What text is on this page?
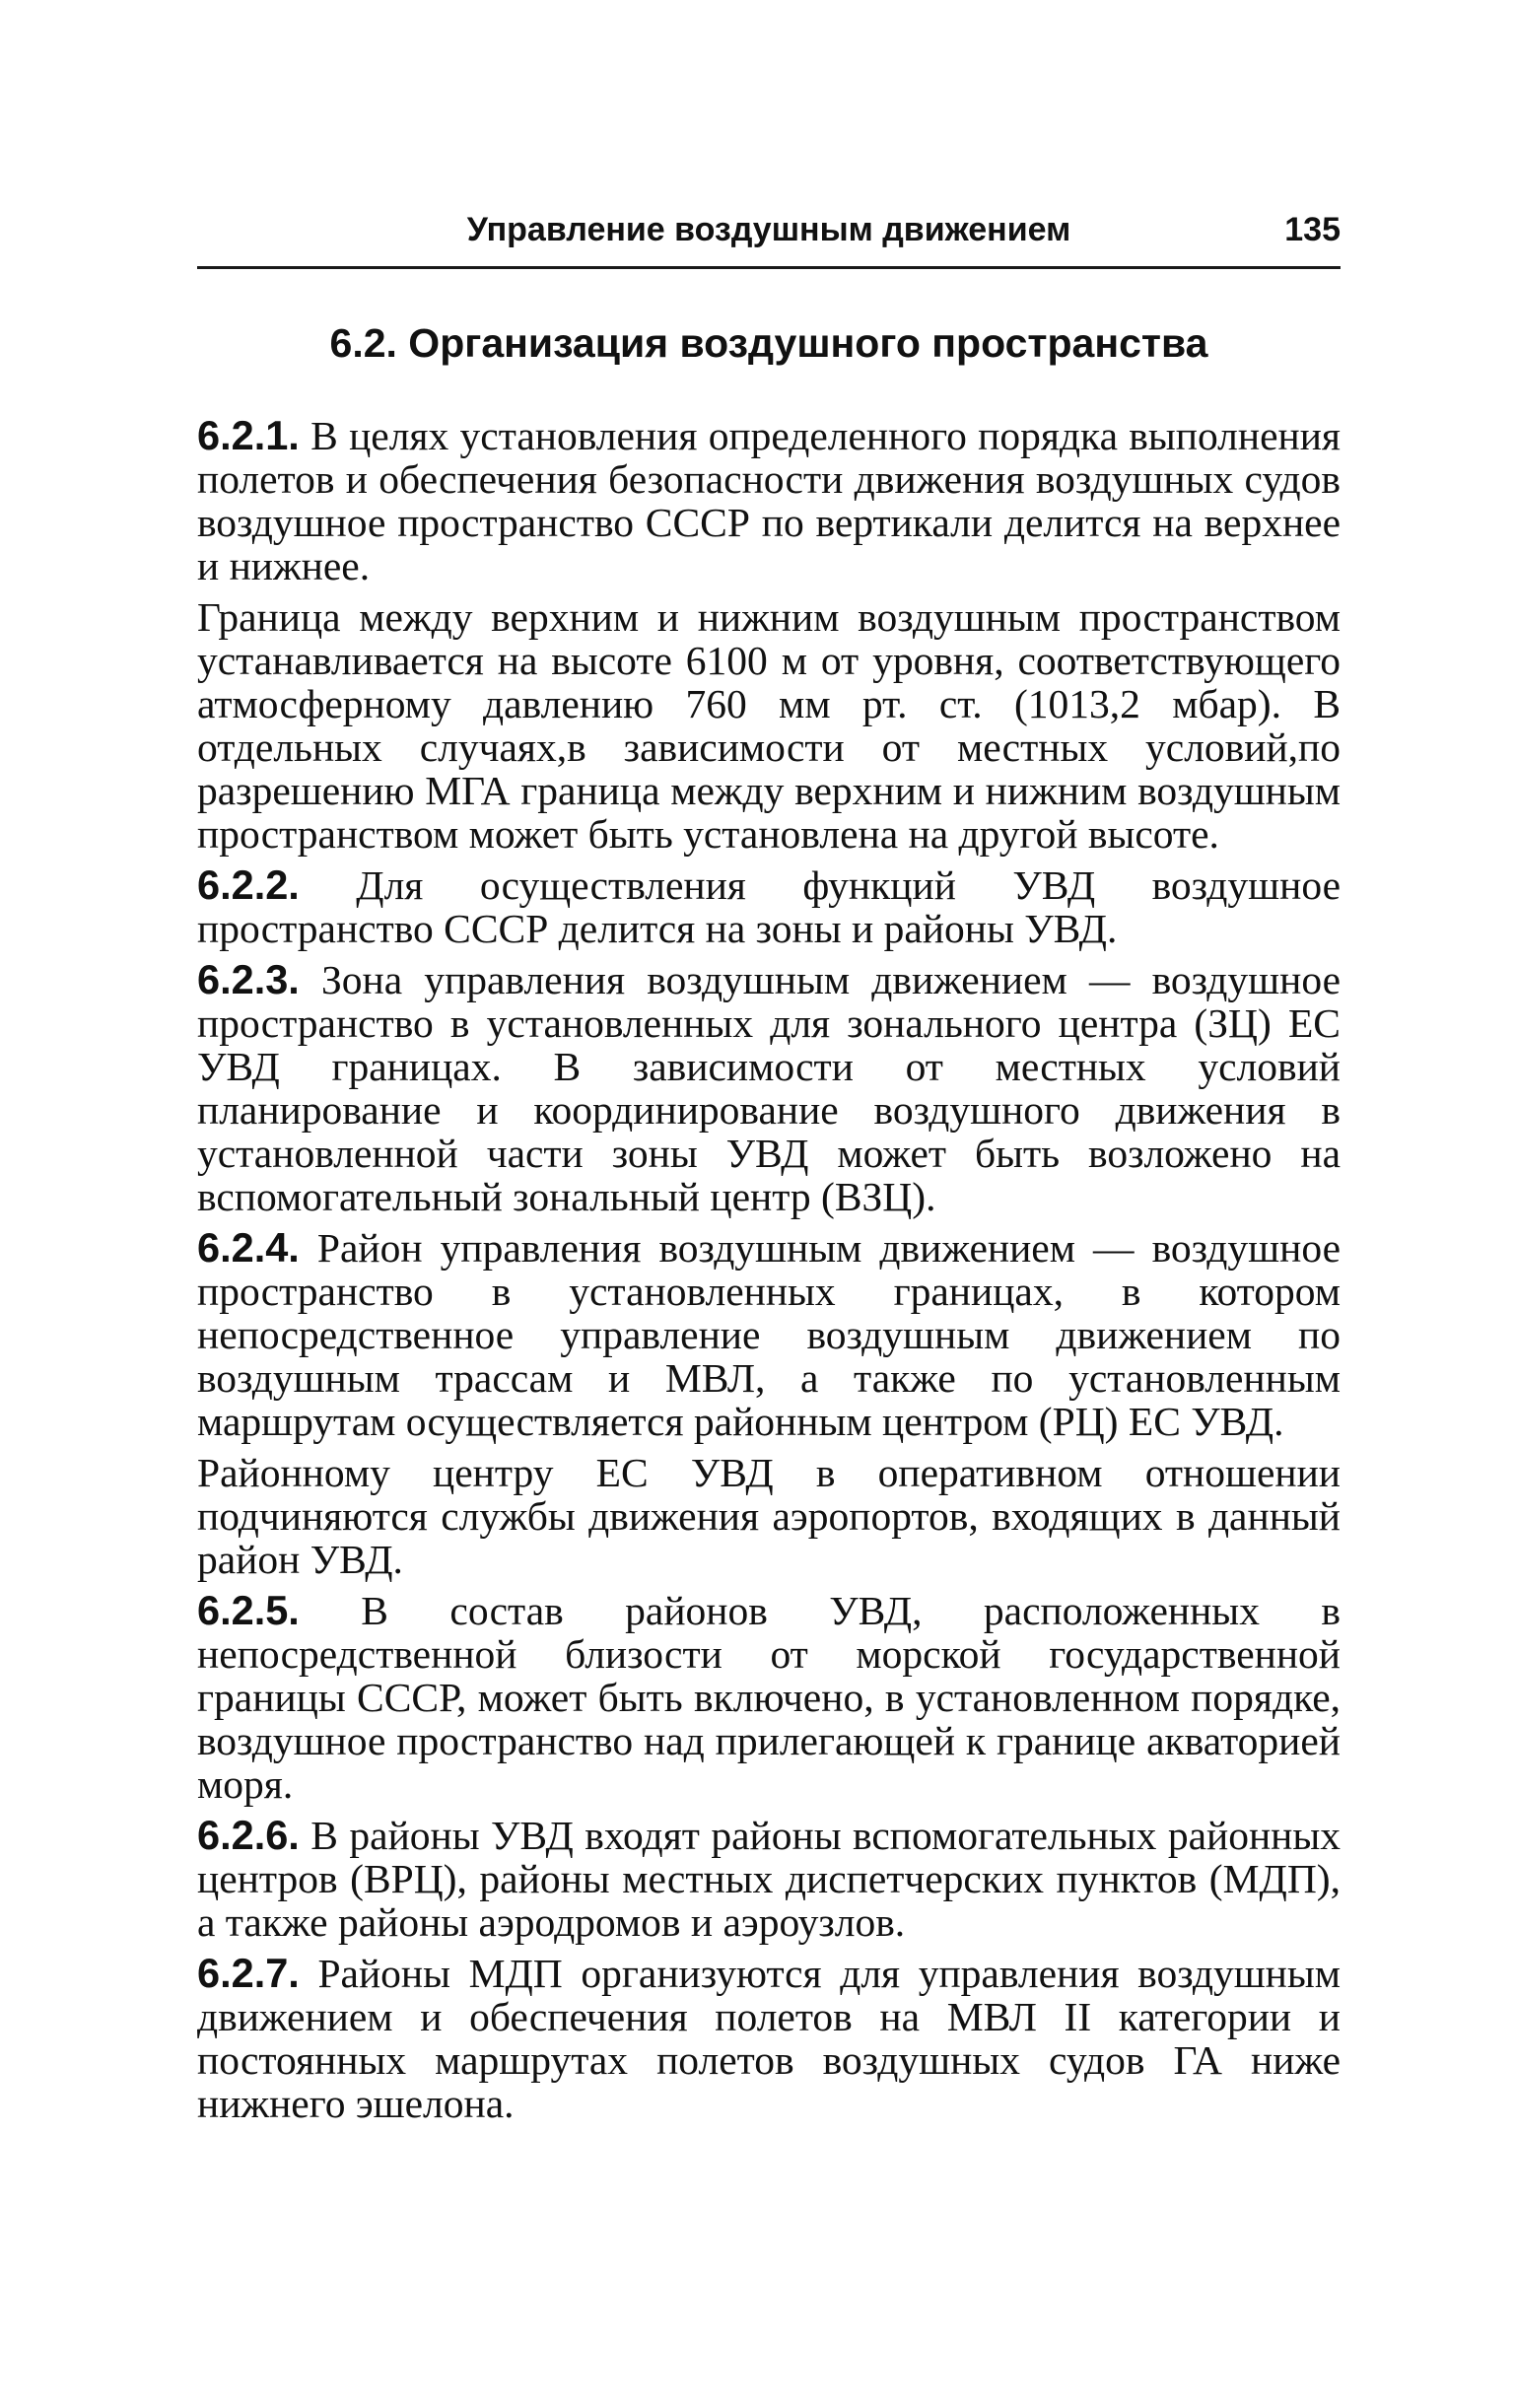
Управление воздушным движением	135
6.2. Организация воздушного пространства

6.2.1. В целях установления определенного порядка выполнения полетов и обеспечения безопасности движения воздушных судов воздушное пространство СССР по вертикали делится на верхнее и нижнее.

Граница между верхним и нижним воздушным пространством устанавливается на высоте 6100 м от уровня, соответствующего атмосферному давлению 760 мм рт. ст. (1013,2 мбар). В отдельных случаях,в зависимости от местных условий,по разрешению МГА граница между верхним и нижним воздушным пространством может быть установлена на другой высоте.

6.2.2. Для осуществления функций УВД воздушное пространство СССР делится на зоны и районы УВД.

6.2.3. Зона управления воздушным движением — воздушное пространство в установленных для зонального центра (ЗЦ) ЕС УВД границах. В зависимости от местных условий планирование и координирование воздушного движения в установленной части зоны УВД может быть возложено на вспомогательный зональный центр (ВЗЦ).

6.2.4. Район управления воздушным движением — воздушное пространство в установленных границах, в котором непосредственное управление воздушным движением по воздушным трассам и МВЛ, а также по установленным маршрутам осуществляется районным центром (РЦ) ЕС УВД.

Районному центру ЕС УВД в оперативном отношении подчиняются службы движения аэропортов, входящих в данный район УВД.

6.2.5. В состав районов УВД, расположенных в непосредственной близости от морской государственной границы СССР, может быть включено, в установленном порядке, воздушное пространство над прилегающей к границе акваторией моря.

6.2.6. В районы УВД входят районы вспомогательных районных центров (ВРЦ), районы местных диспетчерских пунктов (МДП), а также районы аэродромов и аэроузлов.

6.2.7. Районы МДП организуются для управления воздушным движением и обеспечения полетов на МВЛ II категории и постоянных маршрутах полетов воздушных судов ГА ниже нижнего эшелона.
